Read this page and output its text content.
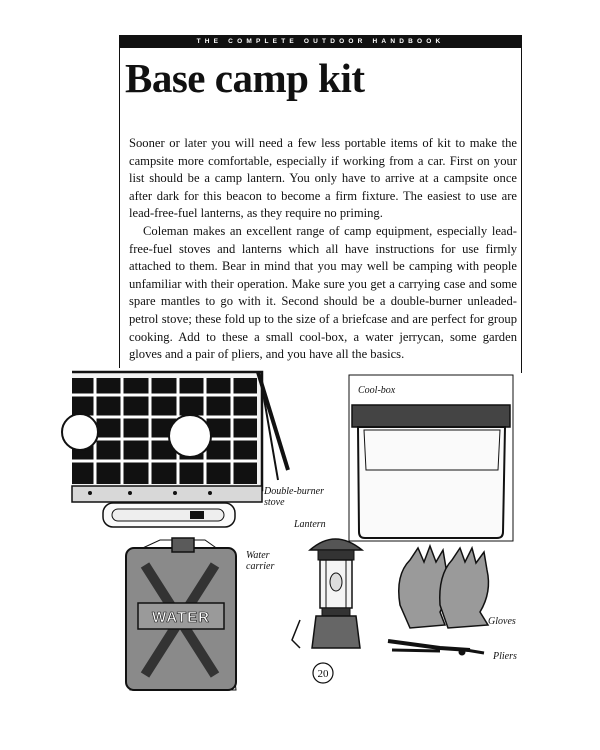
THE COMPLETE OUTDOOR HANDBOOK
Base camp kit

Sooner or later you will need a few less portable items of kit to make the campsite more comfortable, especially if working from a car. First on your list should be a camp lantern. You only have to arrive at a campsite once after dark for this beacon to become a firm fixture. The easiest to use are lead-free-fuel lanterns, as they require no priming.

Coleman makes an excellent range of camp equipment, especially lead-free-fuel stoves and lanterns which all have instructions for use firmly attached to them. Bear in mind that you may well be camping with people unfamiliar with their operation. Make sure you get a carrying case and some spare mantles to go with it. Second should be a double-burner unleaded-petrol stove; these fold up to the size of a briefcase and are perfect for group cooking. Add to these a small cool-box, a water jerrycan, some garden gloves and a pair of pliers, and you have all the basics.

Double-burner
stove
Cool-box
WATER
Water
carrier
Lantern
Gloves
Pliers
20
